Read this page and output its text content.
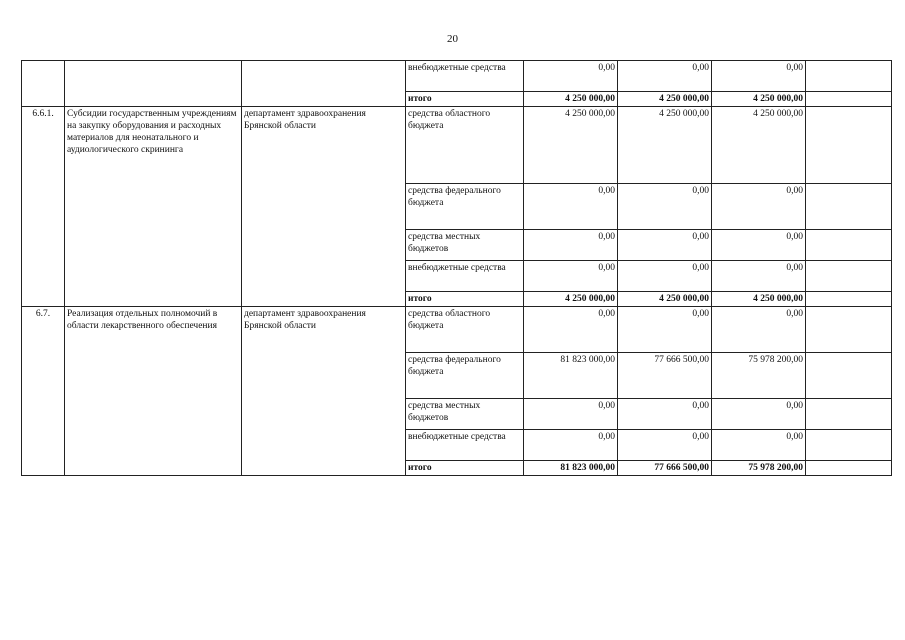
20
			внебюджетные средства	0,00	0,00	0,00	
			итого	4 250 000,00	4 250 000,00	4 250 000,00	
6.6.1.	Субсидии государственным учреждениям на закупку оборудования и расходных материалов для неонатального и аудиологического скрининга	департамент здравоохранения Брянской области	средства областного бюджета	4 250 000,00	4 250 000,00	4 250 000,00	
			средства федерального бюджета	0,00	0,00	0,00	
			средства местных бюджетов	0,00	0,00	0,00	
			внебюджетные средства	0,00	0,00	0,00	
			итого	4 250 000,00	4 250 000,00	4 250 000,00	
6.7.	Реализация отдельных полномочий в области лекарственного обеспечения	департамент здравоохранения Брянской области	средства областного бюджета	0,00	0,00	0,00	
			средства федерального бюджета	81 823 000,00	77 666 500,00	75 978 200,00	
			средства местных бюджетов	0,00	0,00	0,00	
			внебюджетные средства	0,00	0,00	0,00	
			итого	81 823 000,00	77 666 500,00	75 978 200,00	
